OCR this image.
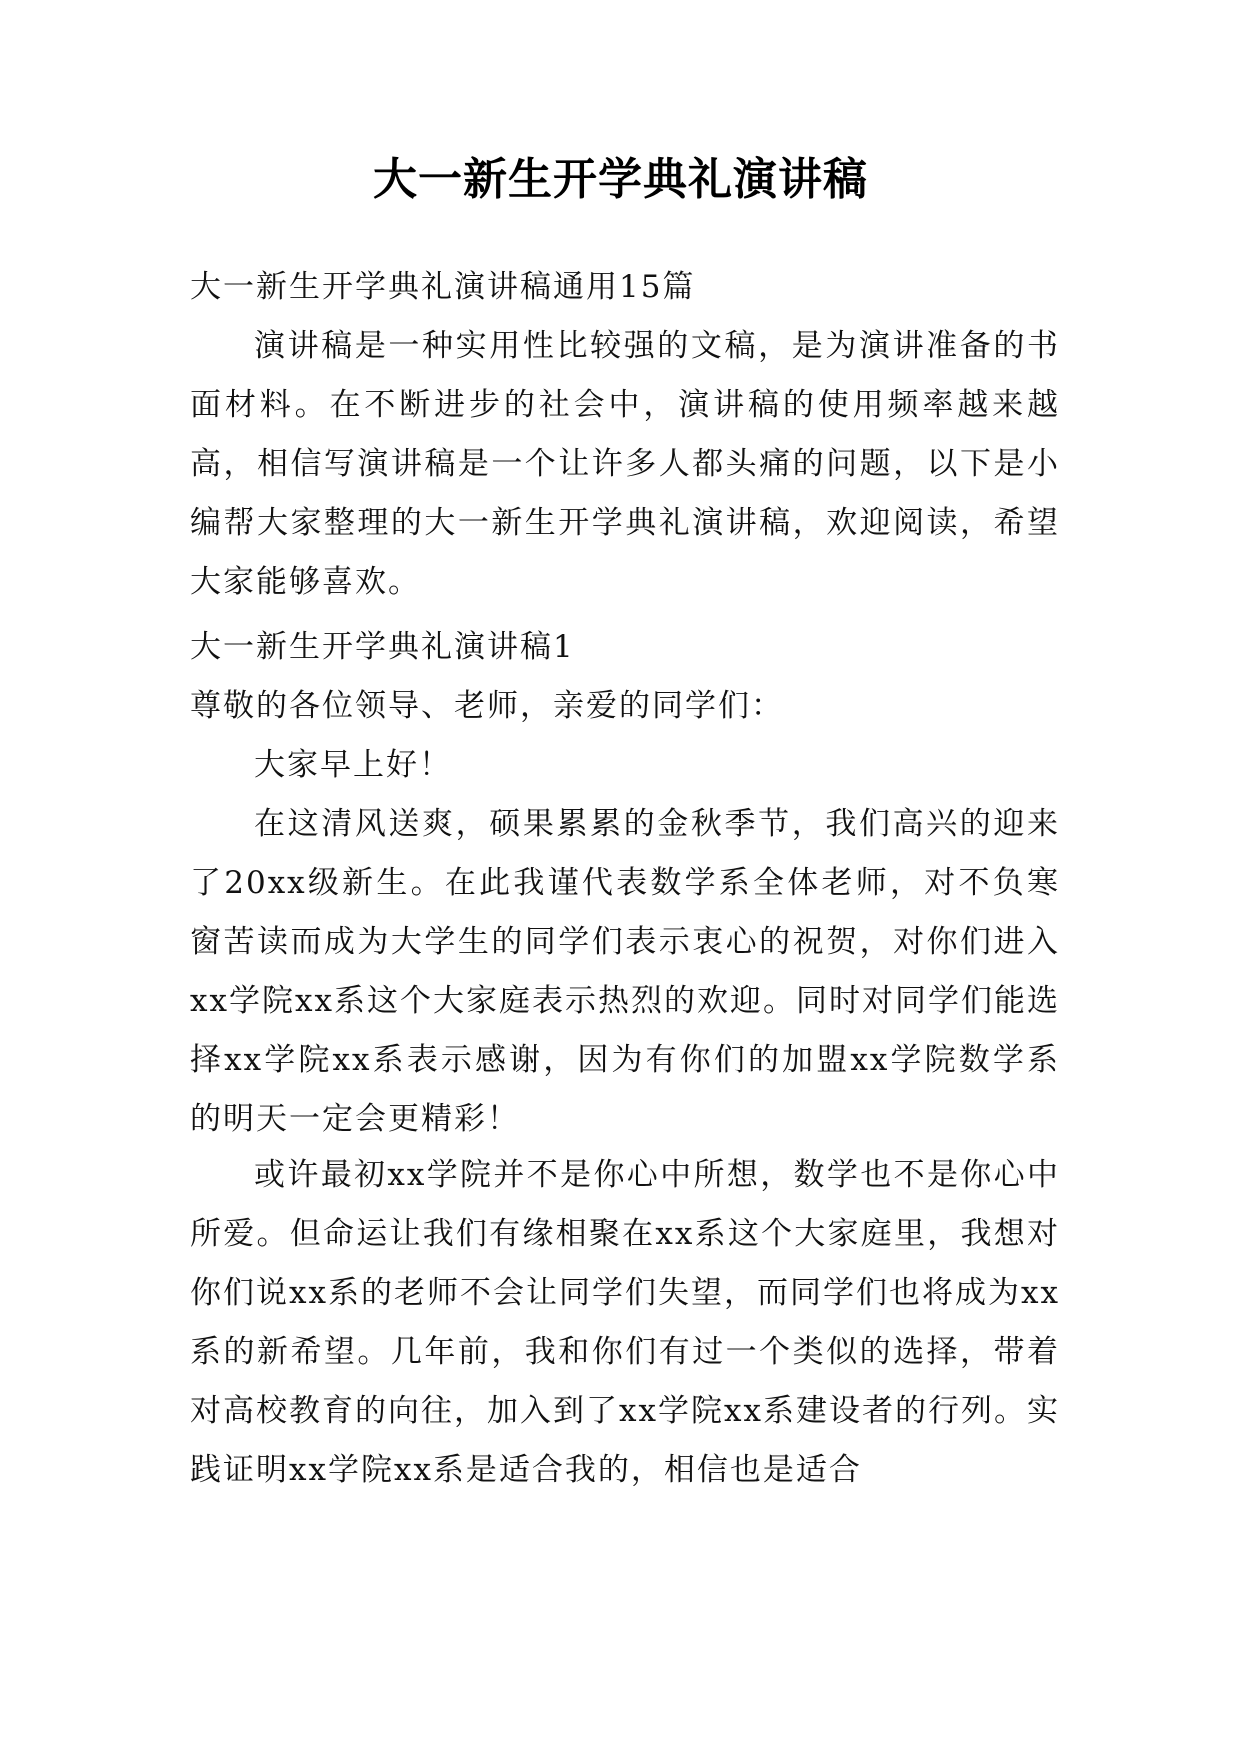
大一新生开学典礼演讲稿

大一新生开学典礼演讲稿通用15篇

演讲稿是一种实用性比较强的文稿，是为演讲准备的书面材料。在不断进步的社会中，演讲稿的使用频率越来越高，相信写演讲稿是一个让许多人都头痛的问题，以下是小编帮大家整理的大一新生开学典礼演讲稿，欢迎阅读，希望大家能够喜欢。

大一新生开学典礼演讲稿1

尊敬的各位领导、老师，亲爱的同学们：

大家早上好！

在这清风送爽，硕果累累的金秋季节，我们高兴的迎来了20xx级新生。在此我谨代表数学系全体老师，对不负寒窗苦读而成为大学生的同学们表示衷心的祝贺，对你们进入xx学院xx系这个大家庭表示热烈的欢迎。同时对同学们能选择xx学院xx系表示感谢，因为有你们的加盟xx学院数学系的明天一定会更精彩！

或许最初xx学院并不是你心中所想，数学也不是你心中所爱。但命运让我们有缘相聚在xx系这个大家庭里，我想对你们说xx系的老师不会让同学们失望，而同学们也将成为xx系的新希望。几年前，我和你们有过一个类似的选择，带着对高校教育的向往，加入到了xx学院xx系建设者的行列。实践证明xx学院xx系是适合我的，相信也是适合
